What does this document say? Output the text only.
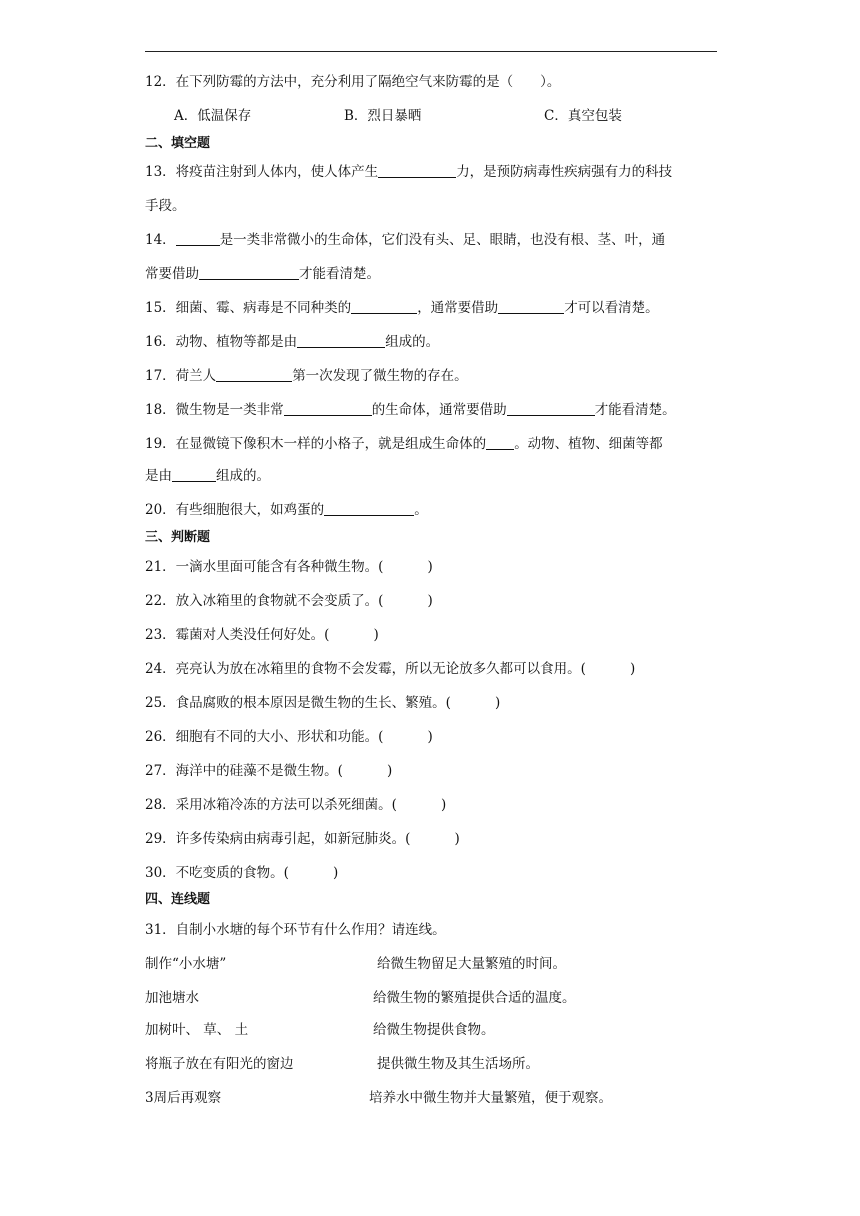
12．在下列防霉的方法中，充分利用了隔绝空气来防霉的是（　　）。
A．低温保存	B．烈日暴晒	C．真空包装
二、填空题
13．将疫苗注射到人体内，使人体产生	力，是预防病毒性疾病强有力的科技
手段。
14．	是一类非常微小的生命体，它们没有头、足、眼睛，也没有根、茎、叶，通
常要借助	才能看清楚。
15．细菌、霉、病毒是不同种类的	，通常要借助	才可以看清楚。
16．动物、植物等都是由	组成的。
17．荷兰人	第一次发现了微生物的存在。
18．微生物是一类非常	的生命体，通常要借助	才能看清楚。
19．在显微镜下像积木一样的小格子，就是组成生命体的 。动物、植物、细菌等都
是由	组成的。
20．有些细胞很大，如鸡蛋的	。
三、判断题
21．一滴水里面可能含有各种微生物。(	)
22．放入冰箱里的食物就不会变质了。(	)
23．霉菌对人类没任何好处。(	)
24．亮亮认为放在冰箱里的食物不会发霉，所以无论放多久都可以食用。(	)
25．食品腐败的根本原因是微生物的生长、繁殖。(	)
26．细胞有不同的大小、形状和功能。(	)
27．海洋中的硅藻不是微生物。(	)
28．采用冰箱冷冻的方法可以杀死细菌。(	)
29．许多传染病由病毒引起，如新冠肺炎。(	)
30．不吃变质的食物。(	)
四、连线题
31．自制小水塘的每个环节有什么作用？请连线。
制作“小水塘”	给微生物留足大量繁殖的时间。
加池塘水	给微生物的繁殖提供合适的温度。
加树叶、 草、 土	给微生物提供食物。
将瓶子放在有阳光的窗边	提供微生物及其生活场所。
3周后再观察	培养水中微生物并大量繁殖，便于观察。
